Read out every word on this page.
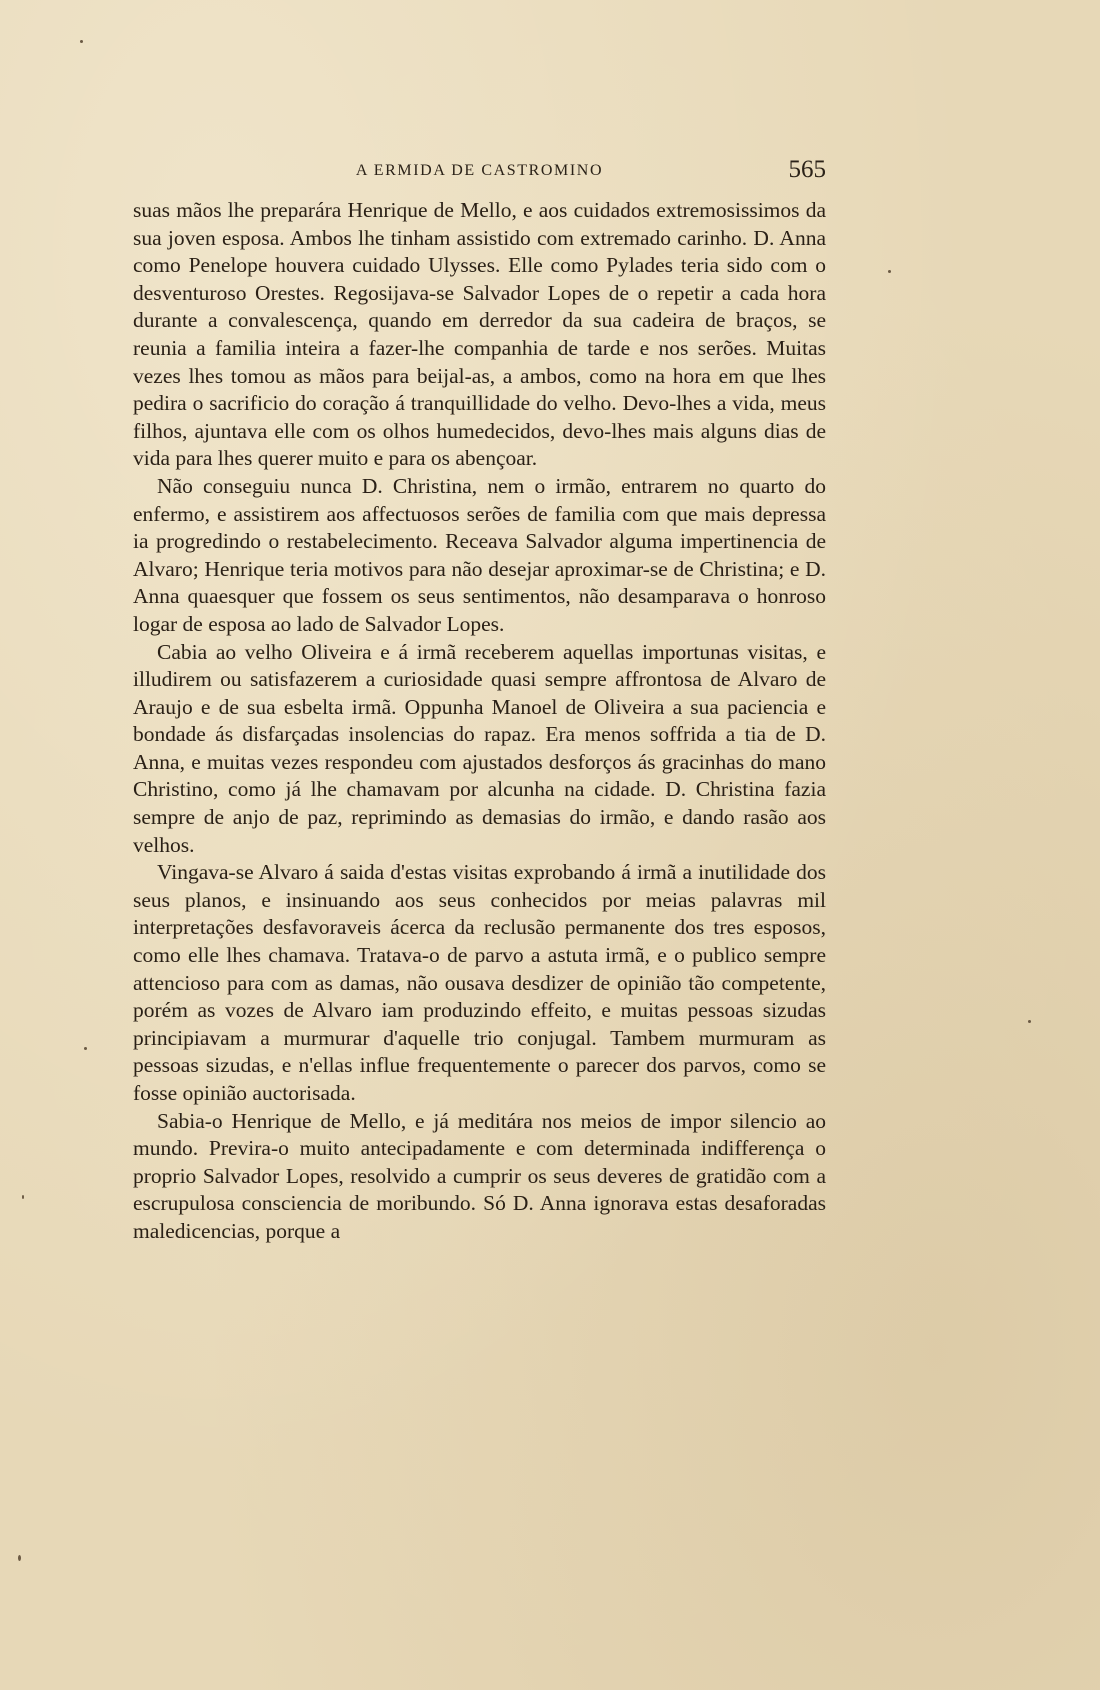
A ERMIDA DE CASTROMINO	565

suas mãos lhe preparára Henrique de Mello, e aos cuidados extremosissimos da sua joven esposa. Ambos lhe tinham assistido com extremado carinho. D. Anna como Penelope houvera cuidado Ulysses. Elle como Pylades teria sido com o desventuroso Orestes. Regosijava-se Salvador Lopes de o repetir a cada hora durante a convalescença, quando em derredor da sua cadeira de braços, se reunia a familia inteira a fazer-lhe companhia de tarde e nos serões. Muitas vezes lhes tomou as mãos para beijal-as, a ambos, como na hora em que lhes pedira o sacrificio do coração á tranquillidade do velho. Devo-lhes a vida, meus filhos, ajuntava elle com os olhos humedecidos, devo-lhes mais alguns dias de vida para lhes querer muito e para os abençoar.

Não conseguiu nunca D. Christina, nem o irmão, entrarem no quarto do enfermo, e assistirem aos affectuosos serões de familia com que mais depressa ia progredindo o restabelecimento. Receava Salvador alguma impertinencia de Alvaro; Henrique teria motivos para não desejar aproximar-se de Christina; e D. Anna quaesquer que fossem os seus sentimentos, não desamparava o honroso logar de esposa ao lado de Salvador Lopes.

Cabia ao velho Oliveira e á irmã receberem aquellas importunas visitas, e illudirem ou satisfazerem a curiosidade quasi sempre affrontosa de Alvaro de Araujo e de sua esbelta irmã. Oppunha Manoel de Oliveira a sua paciencia e bondade ás disfarçadas insolencias do rapaz. Era menos soffrida a tia de D. Anna, e muitas vezes respondeu com ajustados desforços ás gracinhas do mano Christino, como já lhe chamavam por alcunha na cidade. D. Christina fazia sempre de anjo de paz, reprimindo as demasias do irmão, e dando rasão aos velhos.

Vingava-se Alvaro á saida d'estas visitas exprobando á irmã a inutilidade dos seus planos, e insinuando aos seus conhecidos por meias palavras mil interpretações desfavoraveis ácerca da reclusão permanente dos tres esposos, como elle lhes chamava. Tratava-o de parvo a astuta irmã, e o publico sempre attencioso para com as damas, não ousava desdizer de opinião tão competente, porém as vozes de Alvaro iam produzindo effeito, e muitas pessoas sizudas principiavam a murmurar d'aquelle trio conjugal. Tambem murmuram as pessoas sizudas, e n'ellas influe frequentemente o parecer dos parvos, como se fosse opinião auctorisada.

Sabia-o Henrique de Mello, e já meditára nos meios de impor silencio ao mundo. Previra-o muito antecipadamente e com determinada indifferença o proprio Salvador Lopes, resolvido a cumprir os seus deveres de gratidão com a escrupulosa consciencia de moribundo. Só D. Anna ignorava estas desaforadas maledicencias, porque a
